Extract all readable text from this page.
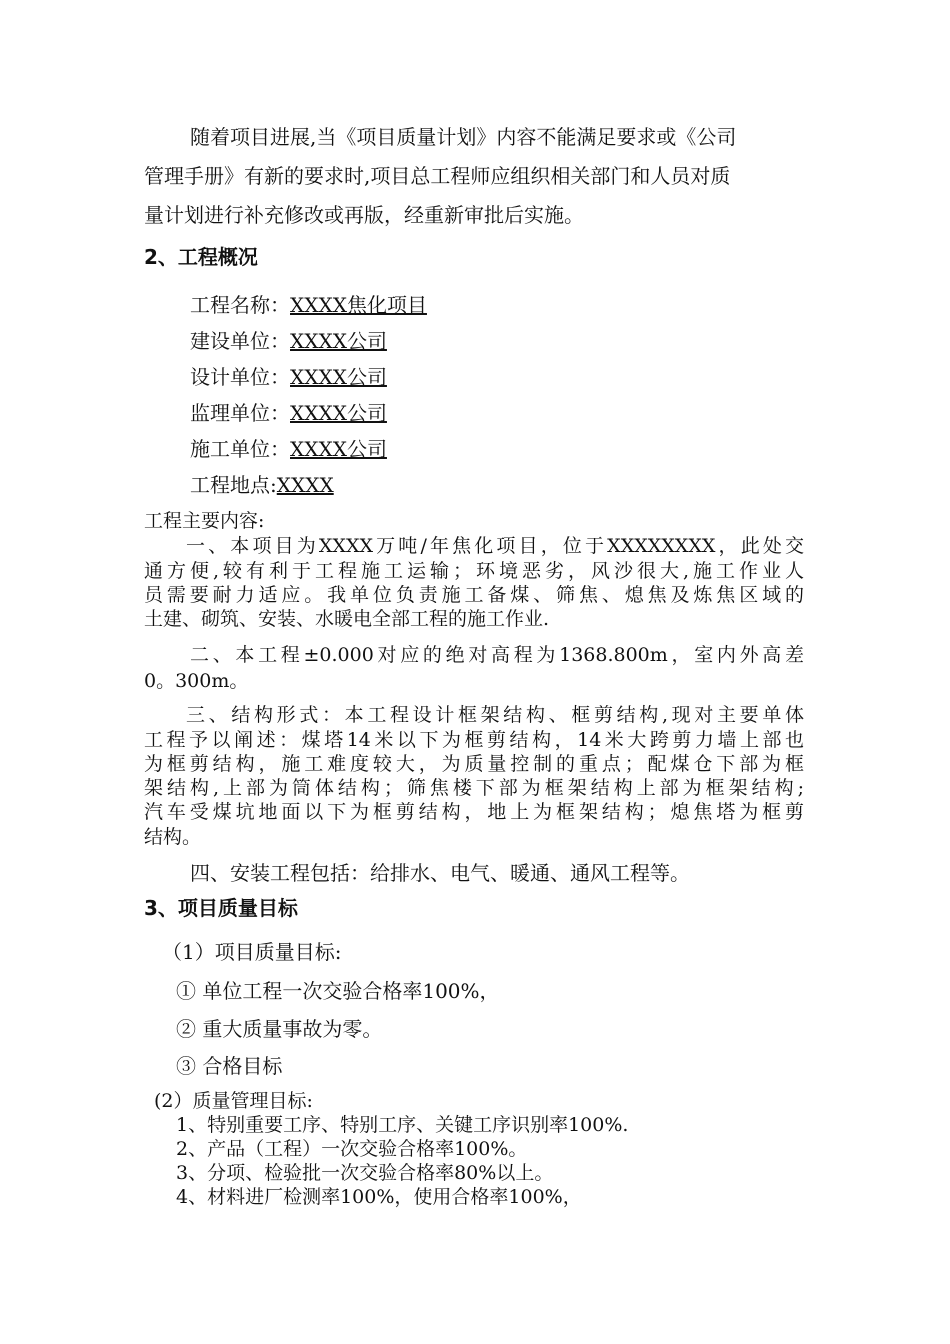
随着项目进展,当《项目质量计划》内容不能满足要求或《公司
管理手册》有新的要求时,项目总工程师应组织相关部门和人员对质
量计划进行补充修改或再版，经重新审批后实施。
2、工程概况
工程名称：XXXX焦化项目
建设单位：XXXX公司
设计单位：XXXX公司
监理单位：XXXX公司
施工单位：XXXX公司
工程地点:XXXX
工程主要内容:
一、本项目为XXXX万吨/年焦化项目，位于XXXXXXXX，此处交
通方便,较有利于工程施工运输；环境恶劣，风沙很大,施工作业人
员需要耐力适应。我单位负责施工备煤、筛焦、熄焦及炼焦区域的
土建、砌筑、安装、水暖电全部工程的施工作业.
二、本工程±0.000对应的绝对高程为1368.800m，室内外高差
0。300m。
三、结构形式：本工程设计框架结构、框剪结构,现对主要单体
工程予以阐述：煤塔14米以下为框剪结构，14米大跨剪力墙上部也
为框剪结构，施工难度较大，为质量控制的重点；配煤仓下部为框
架结构,上部为筒体结构；筛焦楼下部为框架结构上部为框架结构;
汽车受煤坑地面以下为框剪结构，地上为框架结构；熄焦塔为框剪
结构。
四、安装工程包括：给排水、电气、暖通、通风工程等。
3、项目质量目标
（1）项目质量目标:
① 单位工程一次交验合格率100%，
② 重大质量事故为零。
③ 合格目标
(2）质量管理目标:
1、特别重要工序、特别工序、关键工序识别率100%.
2、产品（工程）一次交验合格率100%。
3、分项、检验批一次交验合格率80%以上。
4、材料进厂检测率100%，使用合格率100%，
